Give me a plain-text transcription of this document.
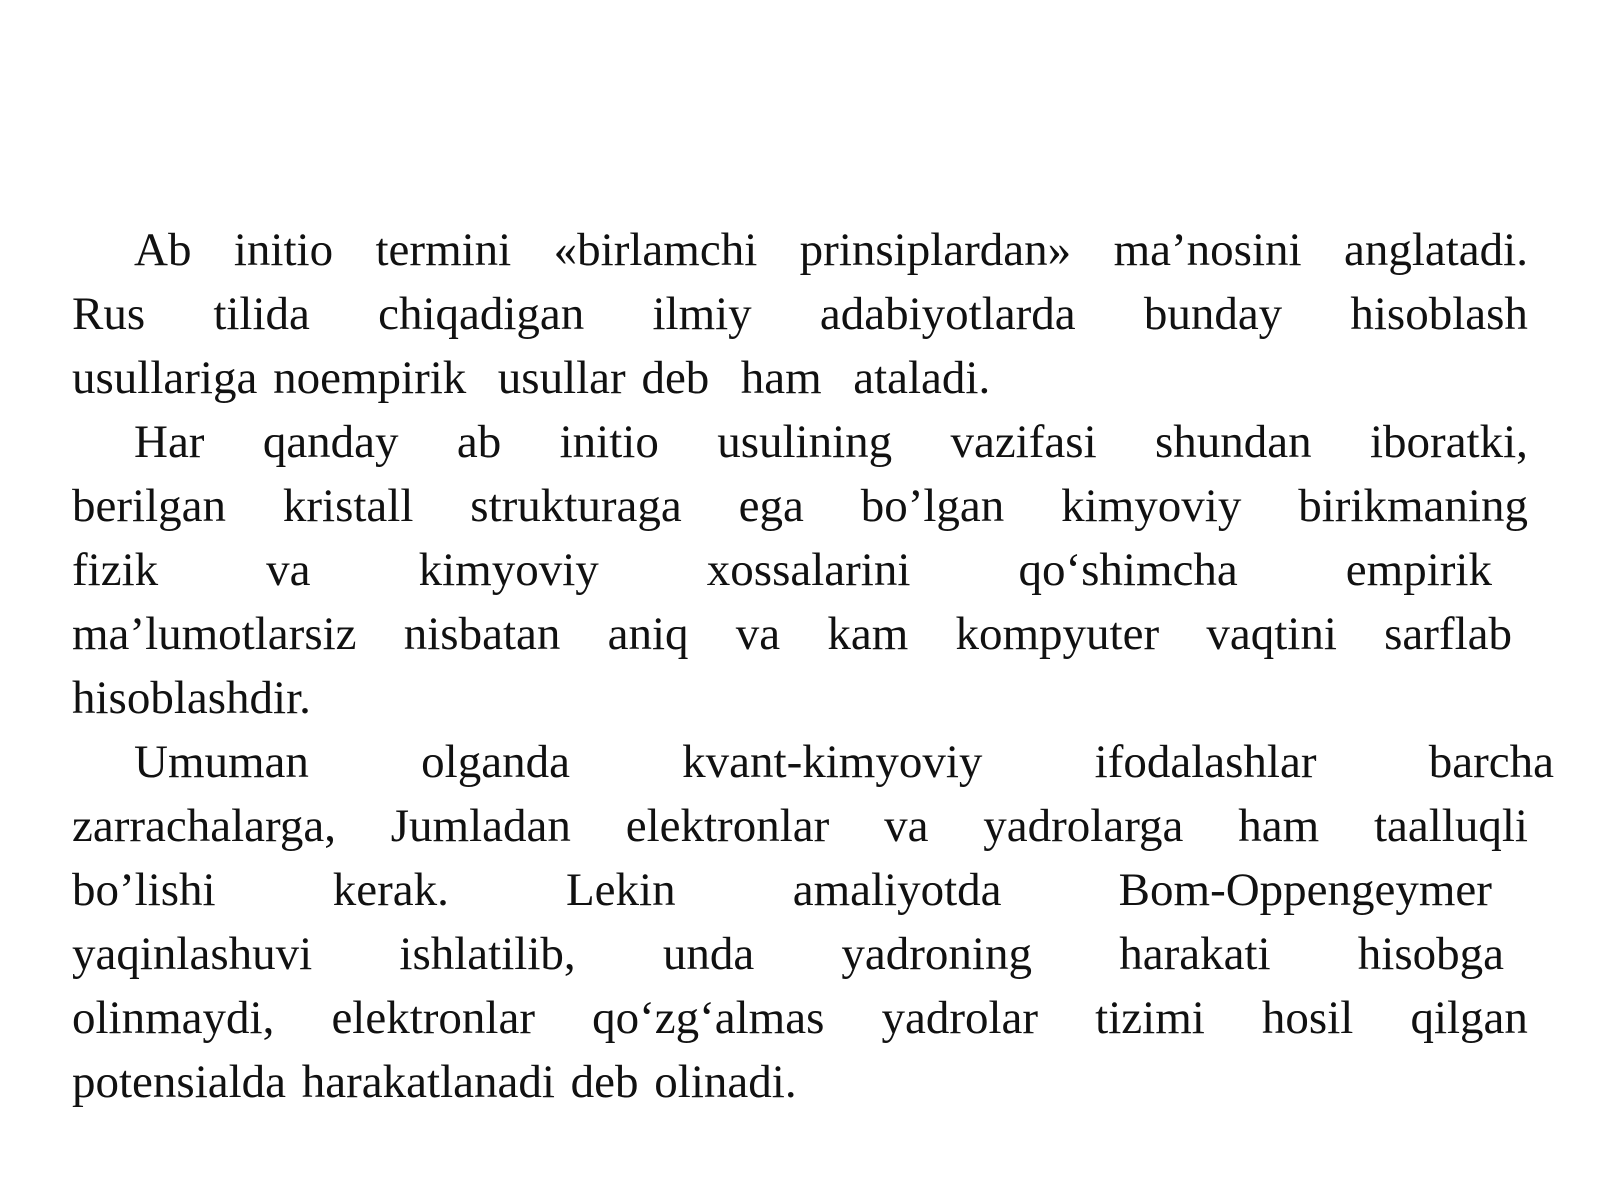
Ab initio termini «birlamchi prinsiplardan» ma’nosini anglatadi.
Rus tilida chiqadigan ilmiy adabiyotlarda bunday hisoblash
usullariga noempirik  usullar deb  ham  ataladi.
Har qanday ab initio usulining vazifasi shundan iboratki,
berilgan kristall strukturaga ega bo’lgan kimyoviy birikmaning
fizik va kimyoviy xossalarini qo‘shimcha empirik
ma’lumotlarsiz nisbatan aniq va kam kompyuter vaqtini sarflab
hisoblashdir.
Umuman olganda kvant-kimyoviy ifodalashlar barcha
zarrachalarga, Jumladan elektronlar va yadrolarga ham taalluqli
bo’lishi kerak. Lekin amaliyotda Bom-Oppengeymer
yaqinlashuvi ishlatilib, unda yadroning harakati hisobga
olinmaydi, elektronlar qo‘zg‘almas yadrolar tizimi hosil qilgan
potensialda harakatlanadi deb olinadi.
